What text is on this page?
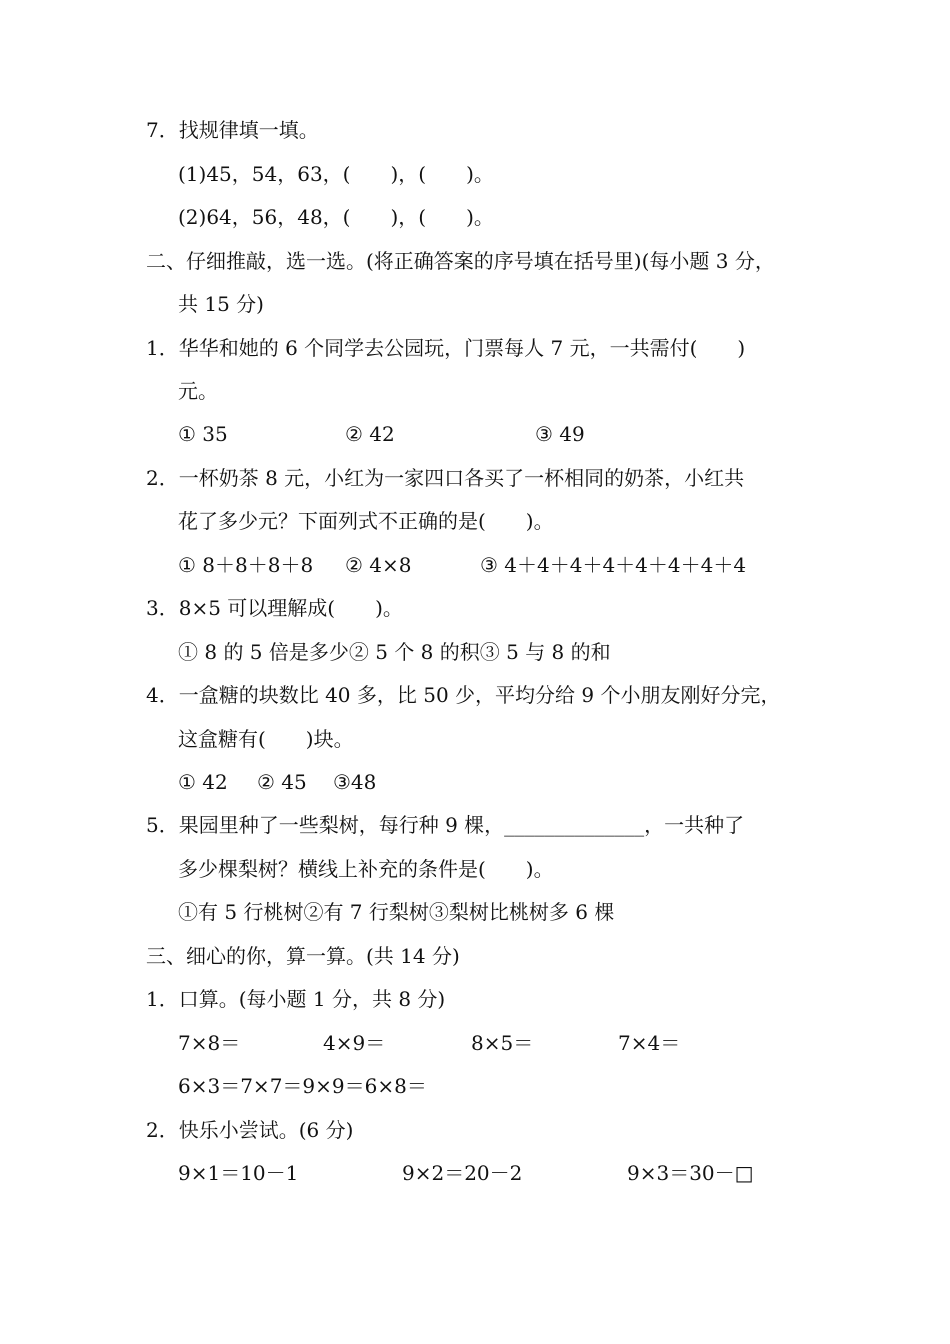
7．找规律填一填。
(1)45，54，63，(　　)，(　　)。
(2)64，56，48，(　　)，(　　)。
二、仔细推敲，选一选。(将正确答案的序号填在括号里)(每小题 3 分，
共 15 分)
1．华华和她的 6 个同学去公园玩，门票每人 7 元，一共需付(　　)
元。
① 35	② 42	③ 49
2．一杯奶茶 8 元，小红为一家四口各买了一杯相同的奶茶，小红共
花了多少元？下面列式不正确的是(　　)。
① 8＋8＋8＋8 ② 4×8	③ 4＋4＋4＋4＋4＋4＋4＋4
3．8×5 可以理解成(　　)。
① 8 的 5 倍是多少② 5 个 8 的积③ 5 与 8 的和
4．一盒糖的块数比 40 多，比 50 少，平均分给 9 个小朋友刚好分完，
这盒糖有(　　)块。
① 42 ② 45 ③48
5．果园里种了一些梨树，每行种 9 棵，______________，一共种了
多少棵梨树？横线上补充的条件是(　　)。
①有 5 行桃树②有 7 行梨树③梨树比桃树多 6 棵
三、细心的你，算一算。(共 14 分)
1．口算。(每小题 1 分，共 8 分)
7×8＝	4×9＝	8×5＝	7×4＝
6×3＝7×7＝9×9＝6×8＝
2．快乐小尝试。(6 分)
9×1＝10－1	9×2＝20－2	9×3＝30－□
